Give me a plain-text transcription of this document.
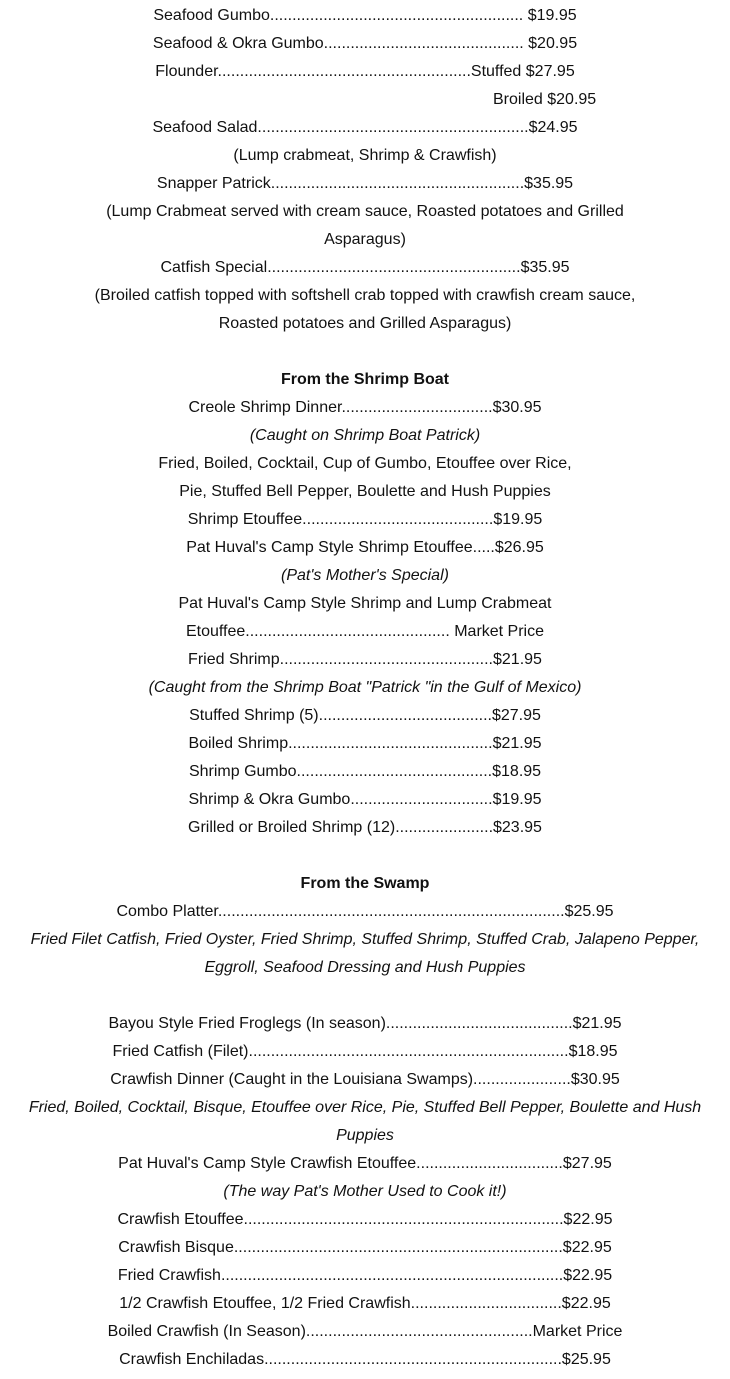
Seafood Gumbo......................................................... $19.95
Seafood & Okra Gumbo............................................. $20.95
Flounder.........................................................Stuffed $27.95
Broiled $20.95
Seafood Salad.............................................................$24.95
(Lump crabmeat, Shrimp & Crawfish)
Snapper Patrick.........................................................$35.95
(Lump Crabmeat served with cream sauce, Roasted potatoes and Grilled
Asparagus)
Catfish Special.........................................................$35.95
(Broiled catfish topped with softshell crab topped with crawfish cream sauce,
Roasted potatoes and Grilled Asparagus)
From the Shrimp Boat
Creole Shrimp Dinner..................................$30.95
(Caught on Shrimp Boat Patrick)
Fried, Boiled, Cocktail, Cup of Gumbo, Etouffee over Rice,
Pie, Stuffed Bell Pepper, Boulette and Hush Puppies
Shrimp Etouffee...........................................$19.95
Pat Huval's Camp Style Shrimp Etouffee.....$26.95
(Pat's Mother's Special)
Pat Huval's Camp Style Shrimp and Lump Crabmeat
Etouffee.............................................. Market Price
Fried Shrimp................................................$21.95
(Caught from the Shrimp Boat "Patrick "in the Gulf of Mexico)
Stuffed Shrimp (5).......................................$27.95
Boiled Shrimp..............................................$21.95
Shrimp Gumbo............................................$18.95
Shrimp & Okra Gumbo................................$19.95
Grilled or Broiled Shrimp (12)......................$23.95
From the Swamp
Combo Platter..............................................................................$25.95
Fried Filet Catfish, Fried Oyster, Fried Shrimp, Stuffed Shrimp, Stuffed Crab, Jalapeno Pepper,
Eggroll, Seafood Dressing and Hush Puppies
Bayou Style Fried Froglegs (In season)..........................................$21.95
Fried Catfish (Filet)........................................................................$18.95
Crawfish Dinner (Caught in the Louisiana Swamps)......................$30.95
Fried, Boiled, Cocktail, Bisque, Etouffee over Rice, Pie, Stuffed Bell Pepper, Boulette and Hush
Puppies
Pat Huval's Camp Style Crawfish Etouffee.................................$27.95
(The way Pat's Mother Used to Cook it!)
Crawfish Etouffee........................................................................$22.95
Crawfish Bisque..........................................................................$22.95
Fried Crawfish.............................................................................$22.95
1/2 Crawfish Etouffee, 1/2 Fried Crawfish..................................$22.95
Boiled Crawfish (In Season)...................................................Market Price
Crawfish Enchiladas...................................................................$25.95
